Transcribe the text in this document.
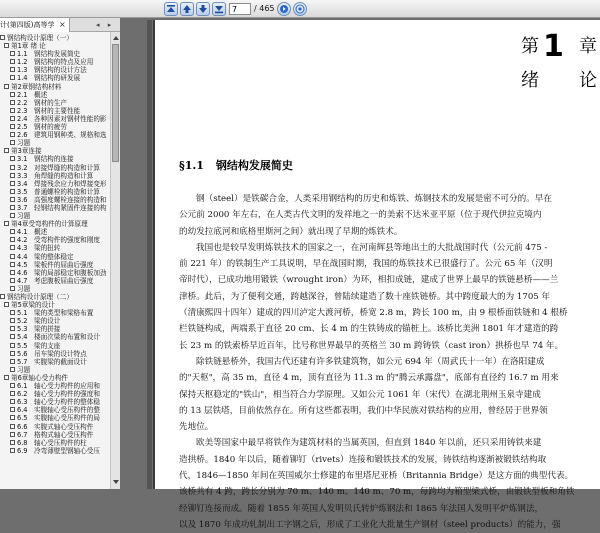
7
/ 465
计(第四版)高等学 ×	◂ ▸
钢结构设计原理（一）
第1章 绪 论
1.1 钢结构发展简史
1.2 钢结构的特点及应用
1.3 钢结构的设计方法
1.4 钢结构的研发展
第2章钢结构材料
2.1 概述
2.2 钢材的生产
2.3 钢材的主要性能
2.4 各种因素对钢材性能的影
2.5 钢材的疲劳
2.6 建筑用钢种类、规格和选
习题
第3章连接
3.1 钢结构的连接
3.2 对接焊缝的构造和计算
3.3 角焊缝的构造和计算
3.4 焊接残余应力和焊接变形
3.5 普通螺栓的构造和计算
3.6 高强度螺栓连接的构造和
3.7 轻钢结构紧固件连接的构
习题
第4章受弯构件的计算原理
4.1 概述
4.2 受弯构件的强度和刚度
4.3 梁的扭转
4.4 梁的整体稳定
4.5 梁板件的屈曲后强度
4.6 梁的局部稳定和腹板加劲
4.7 考虑腹板屈曲后强度
习题
钢结构设计原理（二）
第5章梁的设计
5.1 梁的类型和梁格布置
5.2 梁的设计
5.3 梁的拼接
5.4 楼面次梁的布置和设计
5.5 梁的支座
5.6 吊车梁的设计特点
5.7 实腹梁的截面设计
习题
第6章轴心受力构件
6.1 轴心受力构件的应用和
6.2 轴心受力构件的强度和
6.3 轴心受力构件的整体稳
6.4 实腹轴心受压构件的整
6.5 实腹轴心受压构件的局
6.6 实腹式轴心受压构件
6.7 格构式轴心受压构件
6.8 轴心受压构件的柱
6.9 冷弯薄壁型钢轴心受压
第 1 章
绪 论
§1.1 钢结构发展简史
钢（steel）是铁碳合金，人类采用钢结构的历史和炼铁、炼钢技术的发展是密不可分的。早在
公元前 2000 年左右，在人类古代文明的发祥地之一的美索不达米亚平原（位于现代伊拉克境内
的幼发拉底河和底格里斯河之间）就出现了早期的炼铁术。
我国也是较早发明炼铁技术的国家之一，在河南辉县等地出土的大批战国时代（公元前 475 -
前 221 年）的铁制生产工具说明，早在战国时期，我国的炼铁技术已很盛行了。公元 65 年（汉明
帝时代），已成功地用锻铁（wrought iron）为环，相扣成链，建成了世界上最早的铁链悬桥——兰
津桥。此后，为了便利交通，跨越深谷，曾陆续建造了数十座铁链桥。其中跨度最大的为 1705 年
（清康熙四十四年）建成的四川泸定大渡河桥，桥宽 2.8 m，跨长 100 m，由 9 根桥面铁链和 4 根桥
栏铁链构成，两端系于直径 20 cm、长 4 m 的生铁铸成的锚桩上。该桥比美洲 1801 年才建造的跨
长 23 m 的铁索桥早近百年，比号称世界最早的英格兰 30 m 跨铸铁（cast iron）拱桥也早 74 年。
除铁链悬桥外，我国古代还建有许多铁建筑物，如公元 694 年（周武氏十一年）在洛阳建成
的"天枢"，高 35 m，直径 4 m，顶有直径为 11.3 m 的"腾云承露盘"，底部有直径约 16.7 m 用来
保持天枢稳定的"铁山"，相当符合力学原理。又如公元 1061 年（宋代）在湖北荆州玉泉寺建成
的 13 层铁塔，目前依然存在。所有这些都表明，我们中华民族对铁结构的应用，曾经居于世界领
先地位。
欧美等国家中最早将铁作为建筑材料的当属英国，但直到 1840 年以前，还只采用铸铁来建
造拱桥。1840 年以后，随着铆钉（rivets）连接和锻铁技术的发展，铸铁结构逐渐被锻铁结构取
代，1846—1850 年间在英国威尔士修建的布里塔尼亚桥（Britannia Bridge）是这方面的典型代表。
该桥共有 4 跨，跨长分别为 70 m、140 m、140 m、70 m，每跨均为箱型梁式桥，由锻铁型板和角铁
经铆钉连接而成。随着 1855 年英国人发明贝氏转炉炼钢法和 1865 年法国人发明平炉炼钢法，
以及 1870 年成功轧制出工字钢之后，形成了工业化大批量生产钢材（steel products）的能力，强
